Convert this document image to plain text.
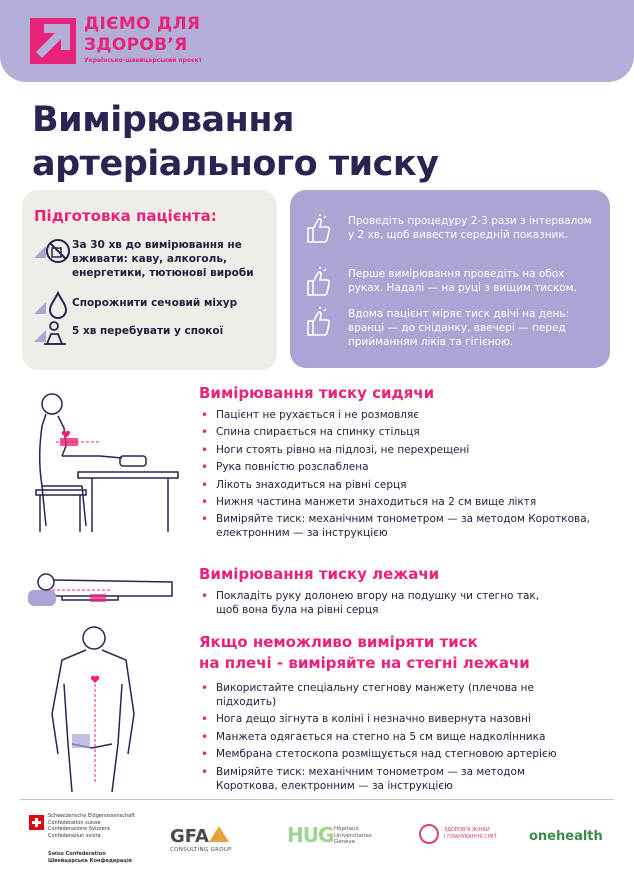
ДІЄМО ДЛЯ
ЗДОРОВ’Я
Українсько-швейцарський проєкт
Вимірювання
артеріального тиску
Підготовка пацієнта:
За 30 хв до вимірювання не вживати: каву, алкоголь, енергетики, тютюнові вироби
Спорожнити сечовий міхур
5 хв перебувати у спокої
Проведіть процедуру 2-3 рази з інтервалом у 2 хв, щоб вивести середній показник.
Перше вимірювання проведіть на обох руках. Надалі — на руці з вищим тиском.
Вдома пацієнт міряє тиск двічі на день: вранці — до сніданку, ввечері — перед прийманням ліків та гігієною.
Вимірювання тиску сидячи
• Пацієнт не рухається і не розмовляє
• Спина спирається на спинку стільця
• Ноги стоять рівно на підлозі, не перехрещені
• Рука повністю розслаблена
• Лікоть знаходиться на рівні серця
• Нижня частина манжети знаходиться на 2 см вище ліктя
• Виміряйте тиск: механічним тонометром — за методом Короткова, електронним — за інструкцією
Вимірювання тиску лежачи
• Покладіть руку долонею вгору на подушку чи стегно так, щоб вона була на рівні серця
Якщо неможливо виміряти тиск
на плечі - виміряйте на стегні лежачи
• Використайте спеціальну стегнову манжету (плечова не підходить)
• Нога дещо зігнута в коліні і незначно вивернута назовні
• Манжета одягається на стегно на 5 см вище надколінника
• Мембрана стетоскопа розміщується над стегновою артерією
• Виміряйте тиск: механічним тонометром — за методом Короткова, електронним — за інструкцією
Schweizerische Eidgenossenschaft
Confédération suisse
Confederazione Svizzera
Confederaziun svizra
Swiss Confederation
Швейцарська Конфедерація
GFA
CONSULTING GROUP
HUG Hôpitaux
Universitaires
Genève
ЗДОРОВ'Я ЖІНКИ
І ПЛАНУВАННЯ СІМ'Ї	onehealth
